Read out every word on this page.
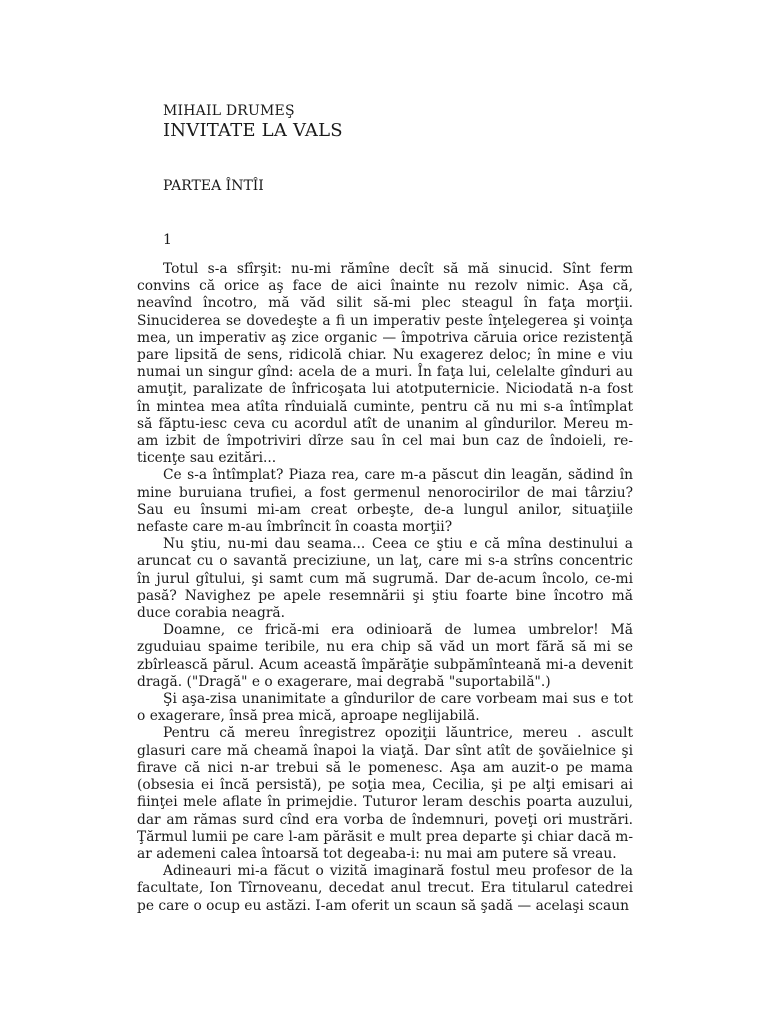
MIHAIL DRUMEŞ
INVITATE LA VALS
PARTEA ÎNTÎI
1

Totul s-a sfîrşit: nu-mi rămîne decît să mă sinucid. Sînt ferm convins că orice aş face de aici înainte nu rezolv nimic. Aşa că, neavînd încotro, mă văd silit să-mi plec steagul în faţa morţii. Sinuciderea se dovedeşte a fi un imperativ peste înţelegerea şi voinţa mea, un imperativ aş zice organic — împotriva căruia orice rezistenţă pare lipsită de sens, ridicolă chiar. Nu exagerez deloc; în mine e viu numai un singur gînd: acela de a muri. În faţa lui, celelalte gînduri au amuţit, paralizate de înfricoşata lui atotputernicie. Niciodată n-a fost în mintea mea atîta rînduială cuminte, pentru că nu mi s-a întîmplat să făptu-iesc ceva cu acordul atît de unanim al gîndurilor. Mereu m-am izbit de împotriviri dîrze sau în cel mai bun caz de îndoieli, re-ticenţe sau ezitări...

Ce s-a întîmplat? Piaza rea, care m-a păscut din leagăn, sădind în mine buruiana trufiei, a fost germenul nenorocirilor de mai târziu? Sau eu însumi mi-am creat orbeşte, de-a lungul anilor, situaţiile nefaste care m-au îmbrîncit în coasta morţii?

Nu ştiu, nu-mi dau seama... Ceea ce ştiu e că mîna destinului a aruncat cu o savantă preciziune, un laţ, care mi s-a strîns concentric în jurul gîtului, şi samt cum mă sugrumă. Dar de-acum încolo, ce-mi pasă? Navighez pe apele resemnării şi ştiu foarte bine încotro mă duce corabia neagră.

Doamne, ce frică-mi era odinioară de lumea umbrelor! Mă zguduiau spaime teribile, nu era chip să văd un mort fără să mi se zbîrlească părul. Acum această împărăţie subpămînteană mi-a devenit dragă. ("Dragă" e o exagerare, mai degrabă "suportabilă".)

Şi aşa-zisa unanimitate a gîndurilor de care vorbeam mai sus e tot o exagerare, însă prea mică, aproape neglijabilă.

Pentru că mereu înregistrez opoziţii lăuntrice, mereu . ascult glasuri care mă cheamă înapoi la viaţă. Dar sînt atît de şovăielnice şi firave că nici n-ar trebui să le pomenesc. Aşa am auzit-o pe mama (obsesia ei încă persistă), pe soţia mea, Cecilia, şi pe alţi emisari ai fiinţei mele aflate în primejdie. Tuturor leram deschis poarta auzului, dar am rămas surd cînd era vorba de îndemnuri, poveţi ori mustrări. Ţărmul lumii pe care l-am părăsit e mult prea departe şi chiar dacă m-ar ademeni calea întoarsă tot degeaba-i: nu mai am putere să vreau.

Adineauri mi-a făcut o vizită imaginară fostul meu profesor de la facultate, Ion Tîrnoveanu, decedat anul trecut. Era titularul catedrei pe care o ocup eu astăzi. I-am oferit un scaun să şadă — acelaşi scaun
